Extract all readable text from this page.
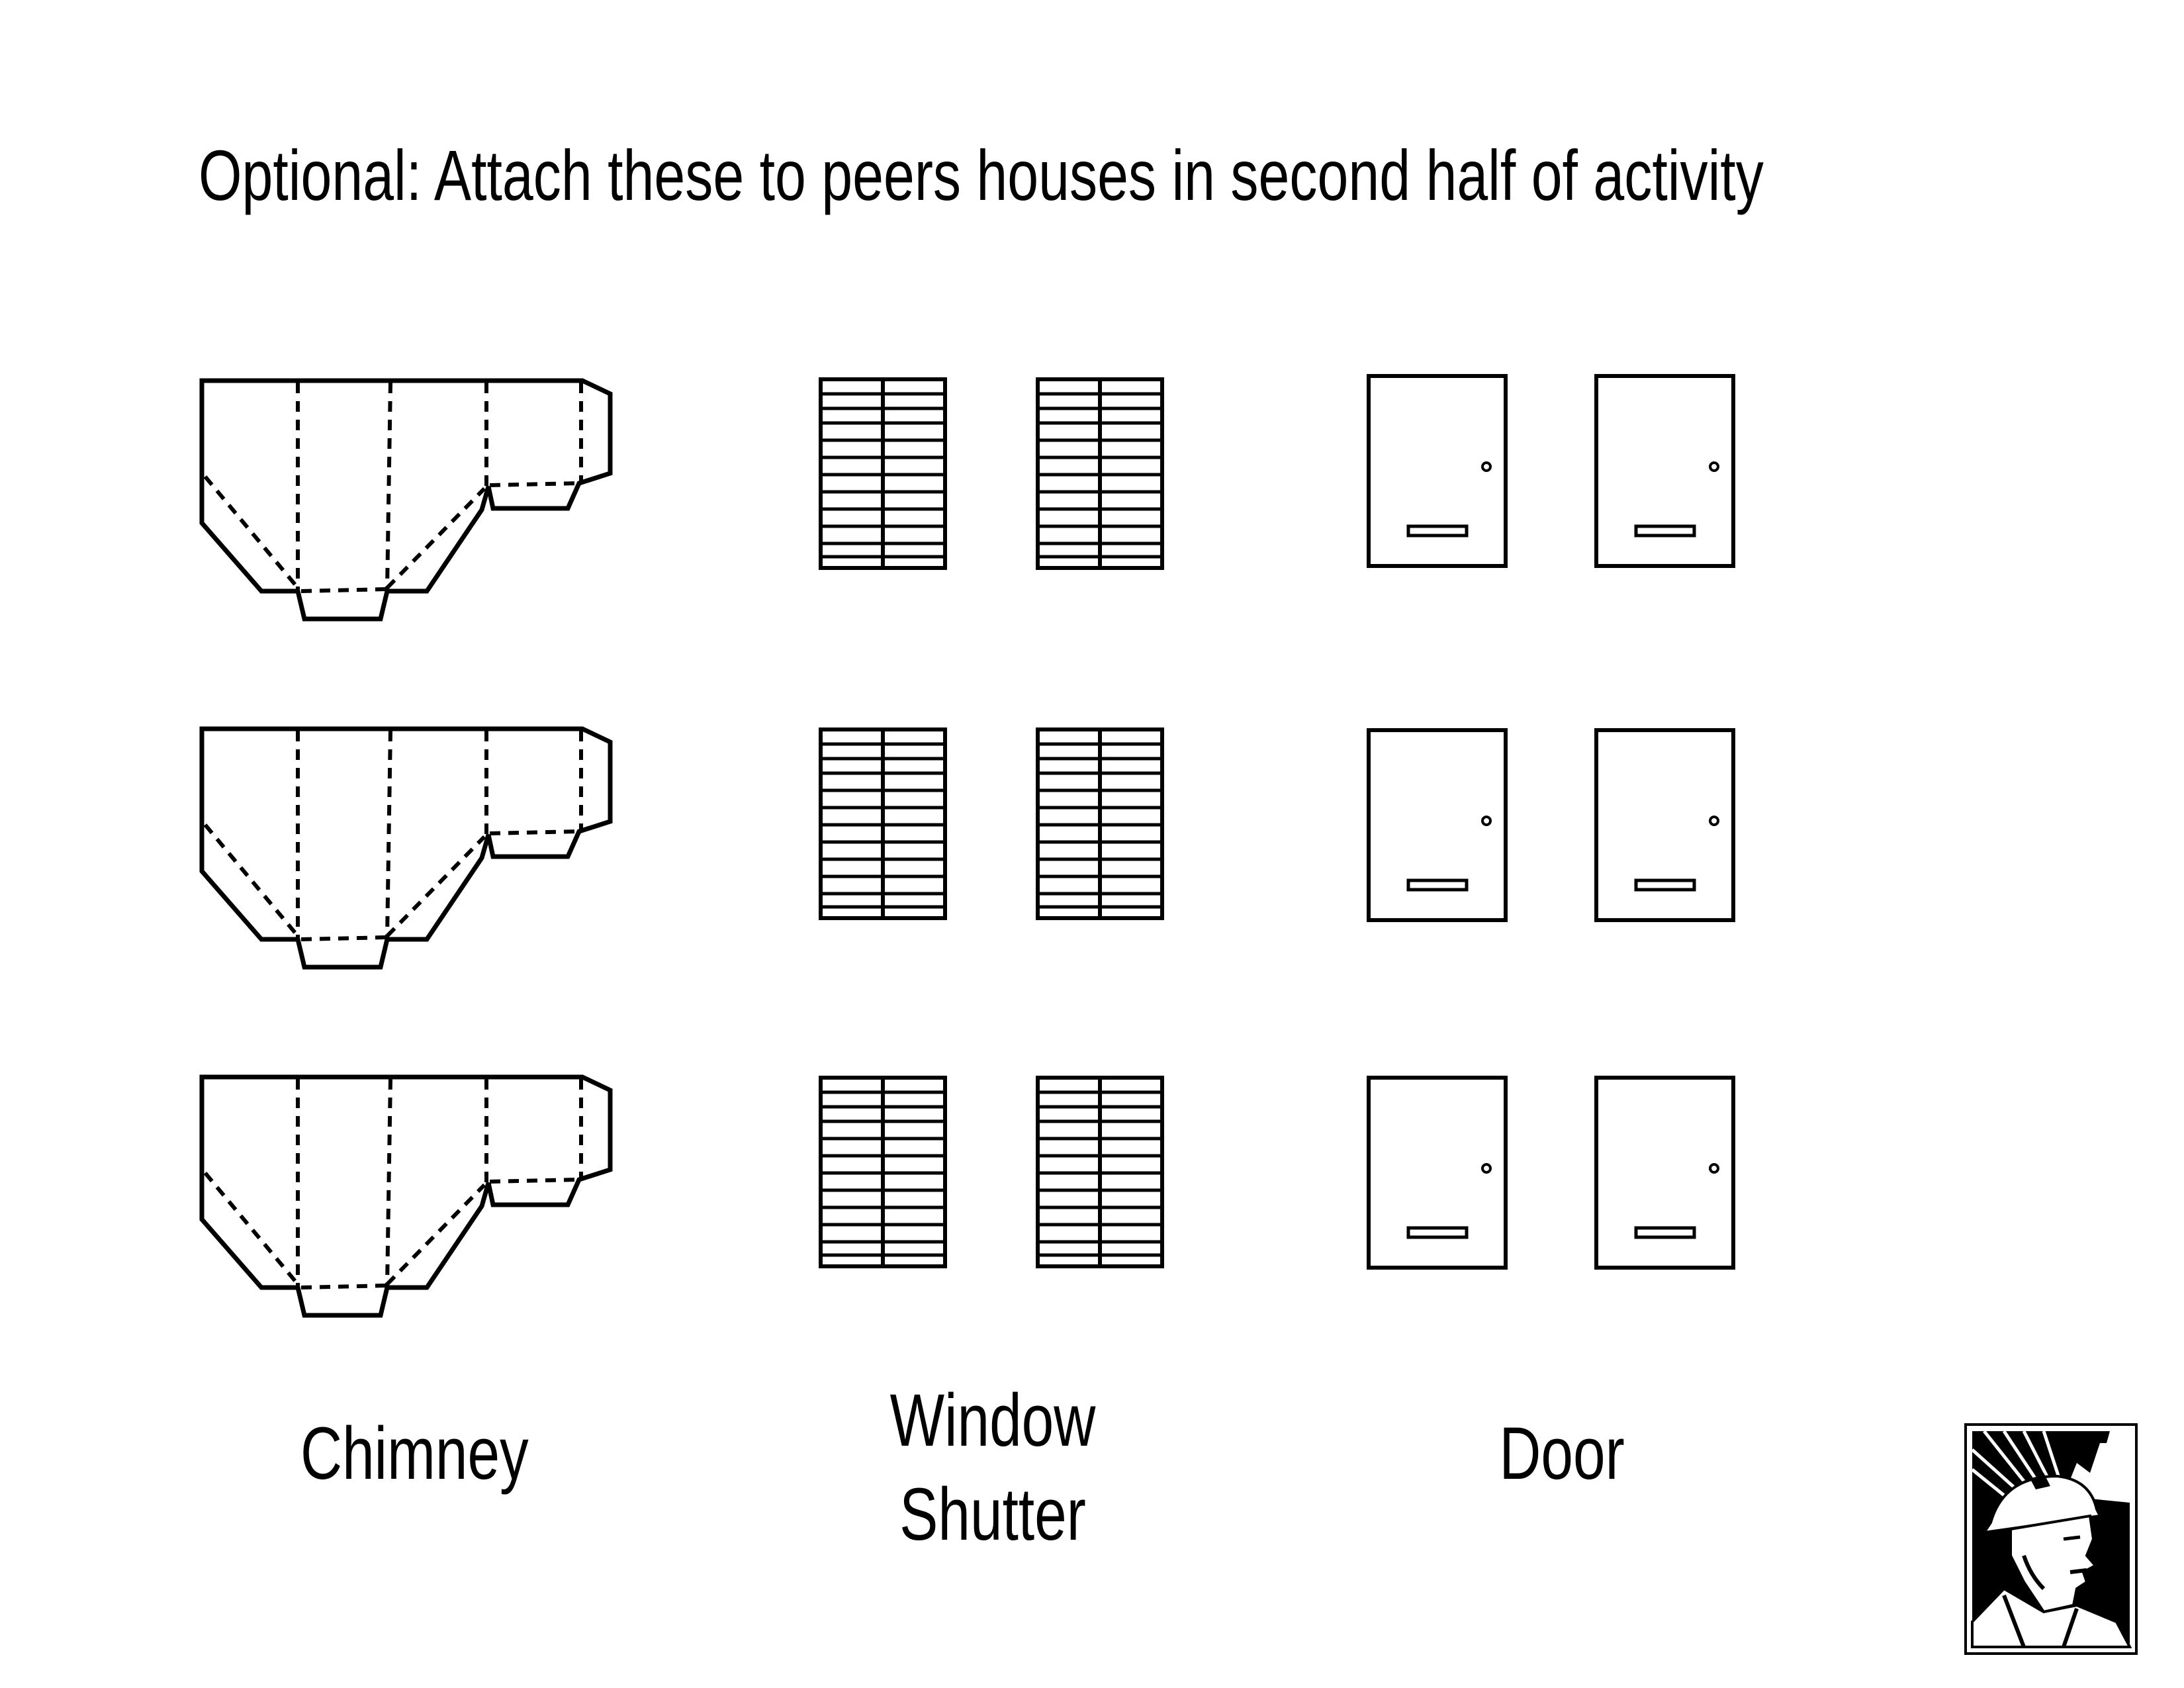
Optional: Attach these to peers houses in second half of activity
Chimney	Window
Shutter
Door
